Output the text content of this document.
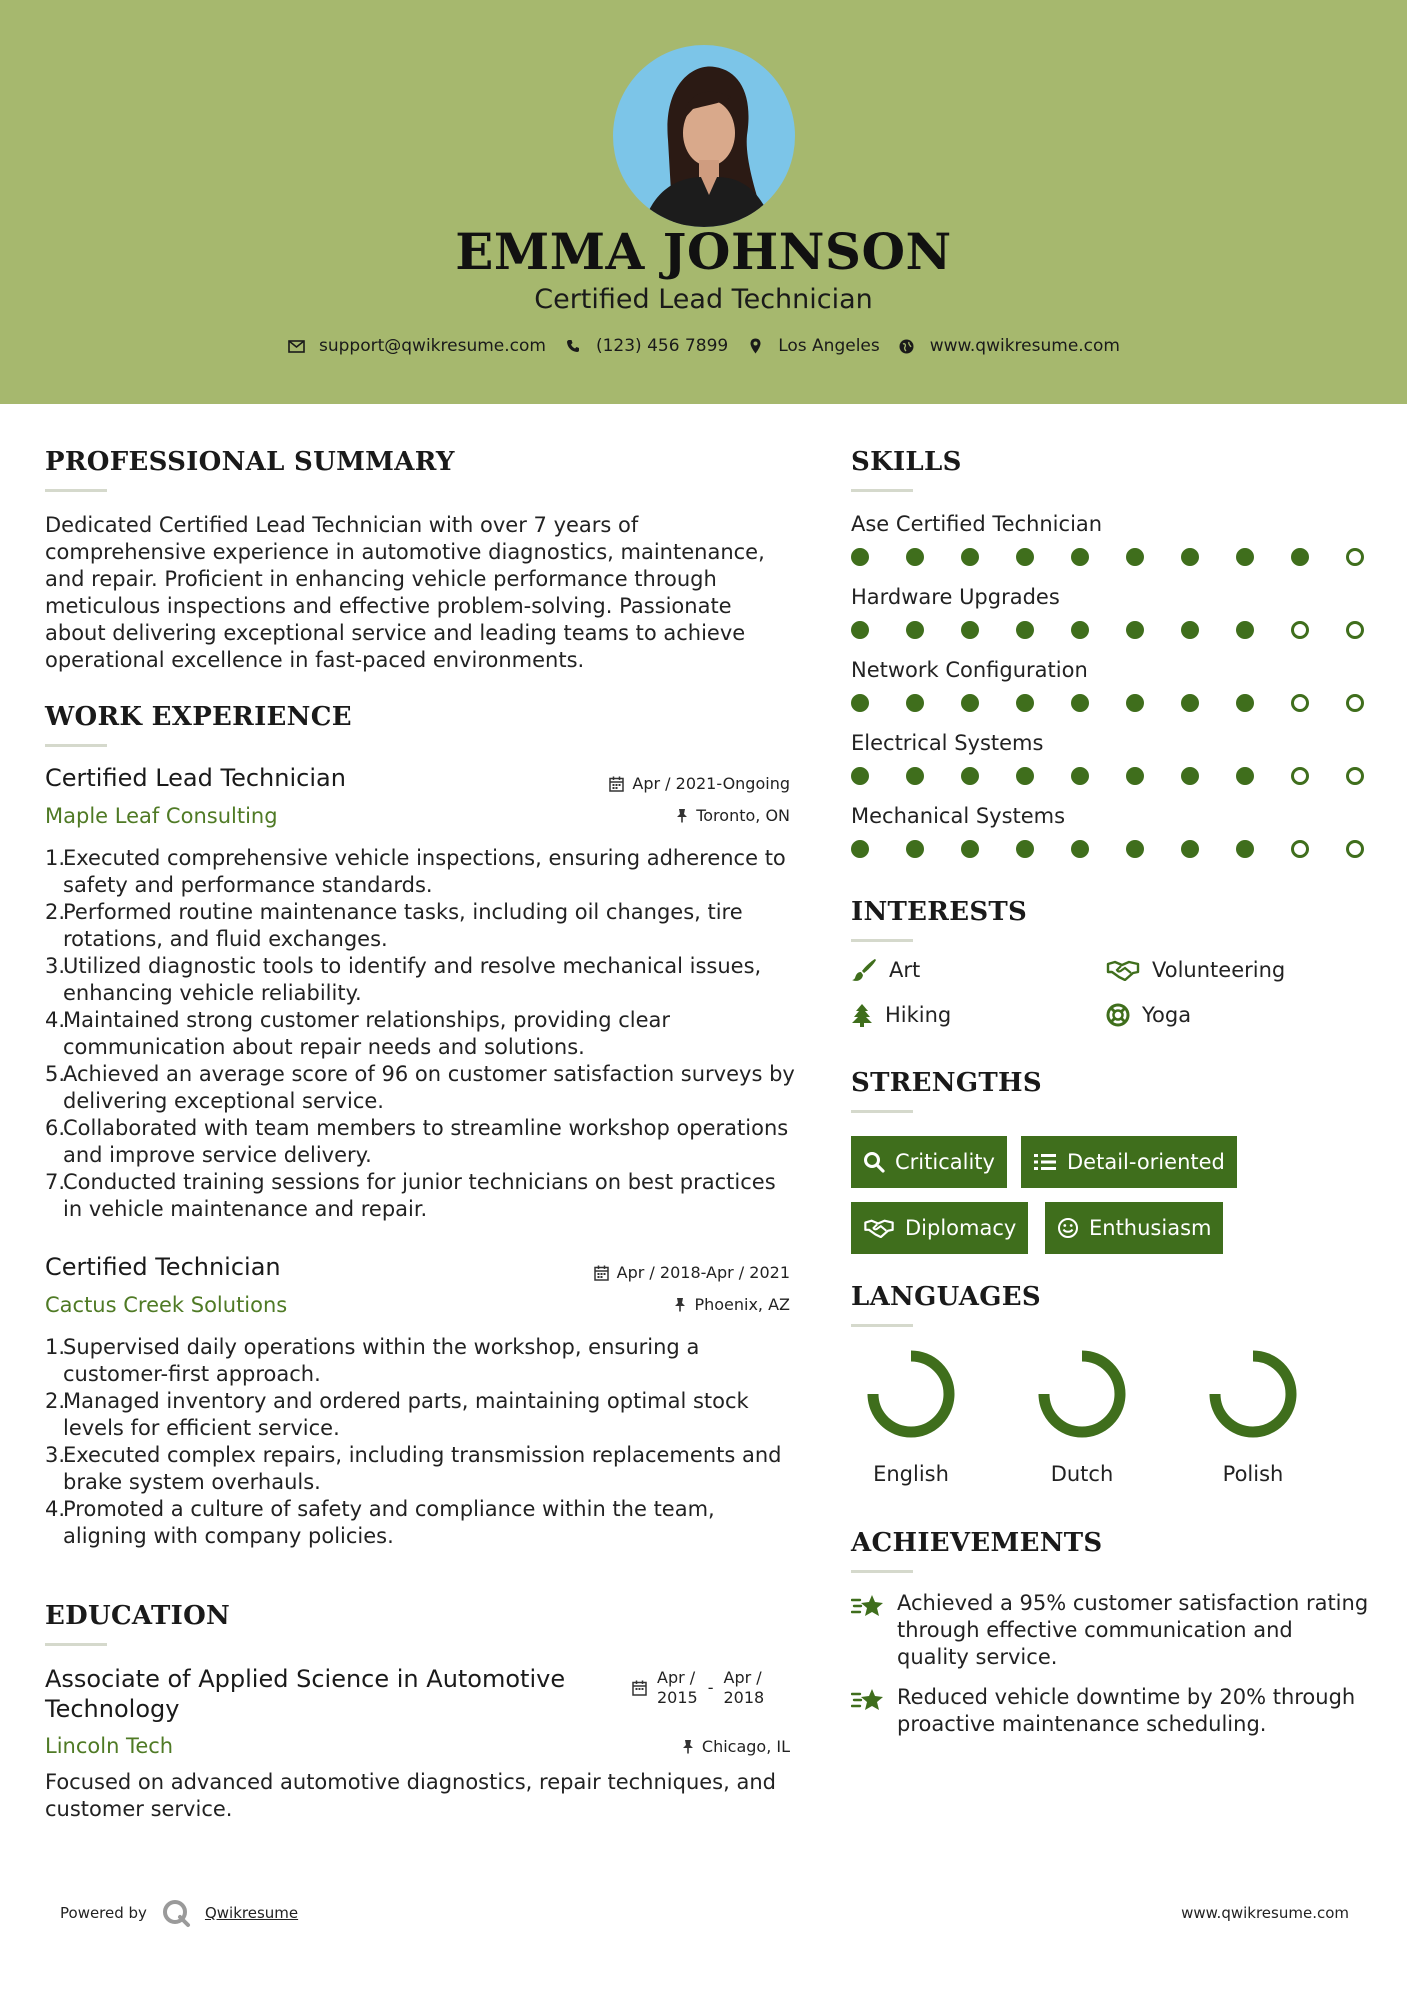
EMMA JOHNSON
Certified Lead Technician
support@qwikresume.com	(123) 456 7899	Los Angeles	www.qwikresume.com
PROFESSIONAL SUMMARY
Dedicated Certified Lead Technician with over 7 years of
comprehensive experience in automotive diagnostics, maintenance,
and repair. Proficient in enhancing vehicle performance through
meticulous inspections and effective problem-solving. Passionate
about delivering exceptional service and leading teams to achieve
operational excellence in fast-paced environments.
WORK EXPERIENCE
Certified Lead Technician
Maple Leaf Consulting
Apr / 2021-Ongoing
Toronto, ON
1.
Executed comprehensive vehicle inspections, ensuring adherence to
safety and performance standards.
2.
Performed routine maintenance tasks, including oil changes, tire
rotations, and fluid exchanges.
3.
Utilized diagnostic tools to identify and resolve mechanical issues,
enhancing vehicle reliability.
4.
Maintained strong customer relationships, providing clear
communication about repair needs and solutions.
5.
Achieved an average score of 96 on customer satisfaction surveys by
delivering exceptional service.
6.
Collaborated with team members to streamline workshop operations
and improve service delivery.
7.
Conducted training sessions for junior technicians on best practices
in vehicle maintenance and repair.
Certified Technician
Cactus Creek Solutions
Apr / 2018-Apr / 2021
Phoenix, AZ
1.
Supervised daily operations within the workshop, ensuring a
customer-first approach.
2.
Managed inventory and ordered parts, maintaining optimal stock
levels for efficient service.
3.
Executed complex repairs, including transmission replacements and
brake system overhauls.
4.
Promoted a culture of safety and compliance within the team,
aligning with company policies.
EDUCATION
Associate of Applied Science in Automotive
Technology
Lincoln Tech
Apr /
2015
-
Apr /
2018
Chicago, IL
Focused on advanced automotive diagnostics, repair techniques, and
customer service.
SKILLS
Ase Certified Technician
Hardware Upgrades
Network Configuration
Electrical Systems
Mechanical Systems
INTERESTS
Art	Volunteering
Hiking	Yoga
STRENGTHS
Criticality	Detail-oriented
Diplomacy	Enthusiasm
LANGUAGES
English	Dutch	Polish
ACHIEVEMENTS
Achieved a 95% customer satisfaction rating
through effective communication and
quality service.
Reduced vehicle downtime by 20% through
proactive maintenance scheduling.
Powered by	Qwikresume	www.qwikresume.com
